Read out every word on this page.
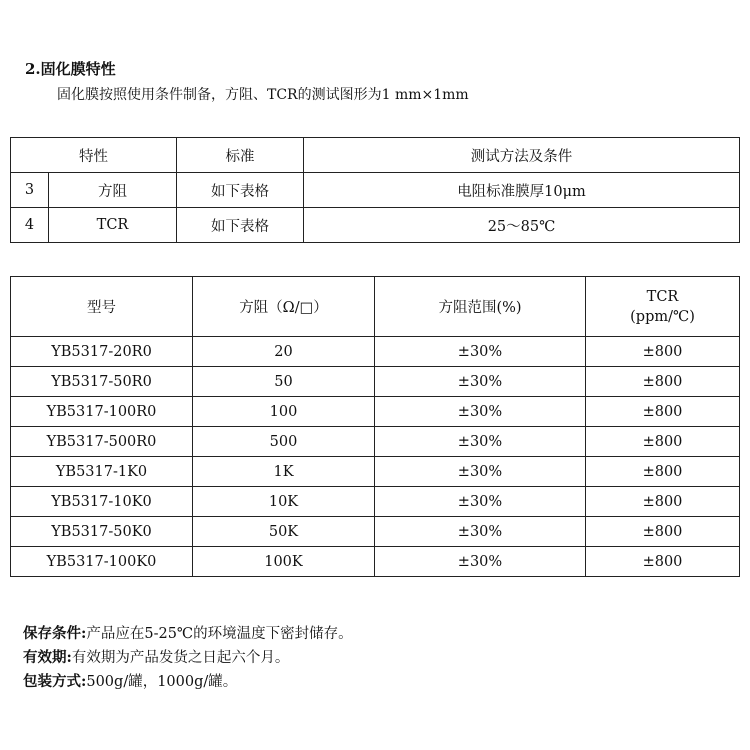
2.固化膜特性

固化膜按照使用条件制备，方阻、TCR的测试图形为1 mm×1mm

特性		标准	测试方法及条件
3	方阻	如下表格	电阻标准膜厚10μm
4	TCR	如下表格	25～85℃
型号	方阻（Ω/□）	方阻范围(%)	TCR
(ppm/℃)

YB5317-20R0	20	±30%	±800
YB5317-50R0	50	±30%	±800
YB5317-100R0	100	±30%	±800
YB5317-500R0	500	±30%	±800
YB5317-1K0	1K	±30%	±800
YB5317-10K0	10K	±30%	±800
YB5317-50K0	50K	±30%	±800
YB5317-100K0	100K	±30%	±800

保存条件:产品应在5-25℃的环境温度下密封储存。

有效期:有效期为产品发货之日起六个月。

包装方式:500g/罐，1000g/罐。
